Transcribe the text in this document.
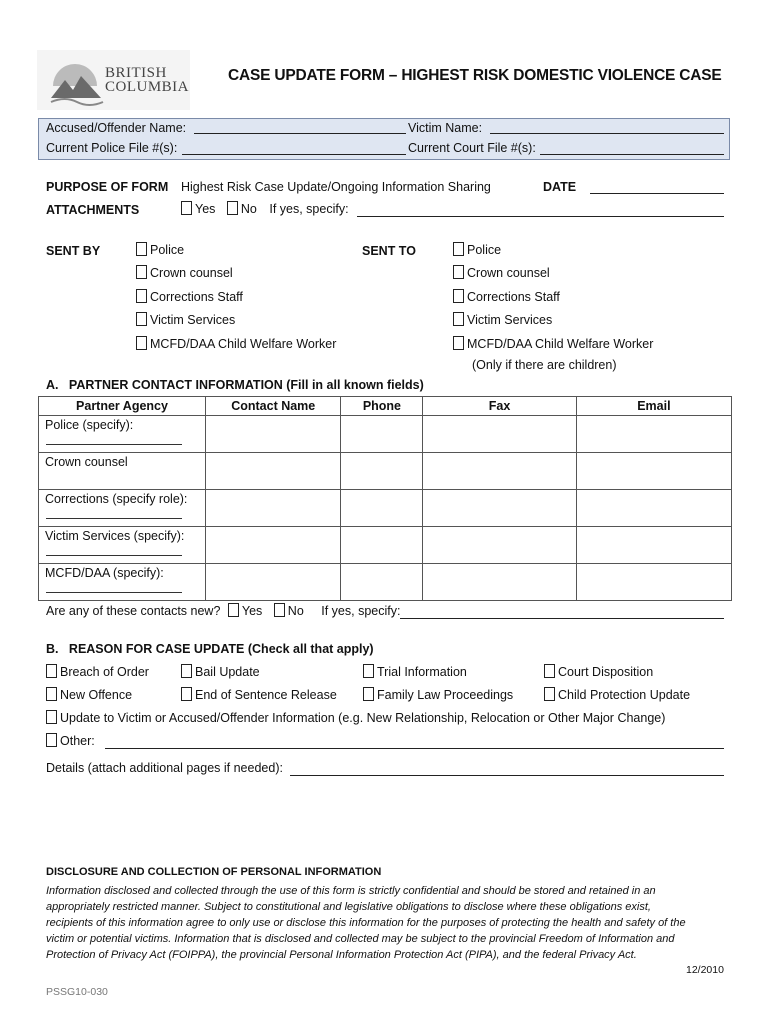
BRITISH
COLUMBIA
CASE UPDATE FORM – HIGHEST RISK DOMESTIC VIOLENCE CASE
Accused/Offender Name:	Victim Name:
Current Police File #(s):	Current Court File #(s):
PURPOSE OF FORM Highest Risk Case Update/Ongoing Information Sharing	DATE
ATTACHMENTS	Yes No If yes, specify:
SENT BY	SENT TO
Police
Crown counsel
Corrections Staff
Victim Services
MCFD/DAA Child Welfare Worker
Police
Crown counsel
Corrections Staff
Victim Services
MCFD/DAA Child Welfare Worker
(Only if there are children)
A.   PARTNER CONTACT INFORMATION (Fill in all known fields)
Partner Agency	Contact Name	Phone	Fax	Email
Police (specify):

Crown counsel				
Corrections (specify role):

Victim Services (specify):

MCFD/DAA (specify):

Are any of these contacts new? Yes No If yes, specify:
B.   REASON FOR CASE UPDATE (Check all that apply)
Breach of Order	Bail Update	Trial Information	Court Disposition
New Offence	End of Sentence Release	Family Law Proceedings	Child Protection Update
Update to Victim or Accused/Offender Information (e.g. New Relationship, Relocation or Other Major Change)
Other:
Details (attach additional pages if needed):
DISCLOSURE AND COLLECTION OF PERSONAL INFORMATION
Information disclosed and collected through the use of this form is strictly confidential and should be stored and retained in an
appropriately restricted manner. Subject to constitutional and legislative obligations to disclose where these obligations exist,
recipients of this information agree to only use or disclose this information for the purposes of protecting the health and safety of the
victim or potential victims. Information that is disclosed and collected may be subject to the provincial Freedom of Information and
Protection of Privacy Act (FOIPPA), the provincial Personal Information Protection Act (PIPA), and the federal Privacy Act.
12/2010
PSSG10-030
